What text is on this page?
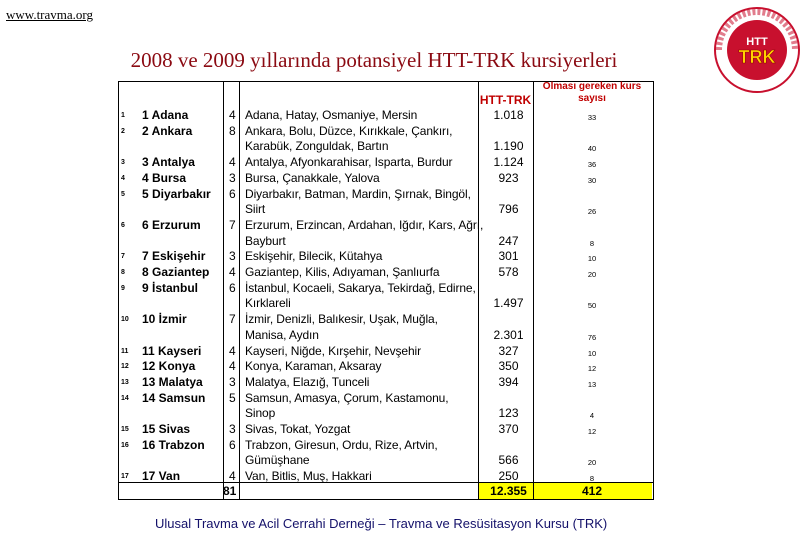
www.travma.org
2008 ve 2009 yıllarında potansiyel HTT-TRK kursiyerleri
HTT
TRK
HTT-TRK
Olması gereken kurs sayısı
1 1 Adana	4 Adana, Hatay, Osmaniye, Mersin	1.018	33
2 2 Ankara	8 Ankara, Bolu, Düzce, Kırıkkale, Çankırı,
Karabük, Zonguldak, Bartın	1.190	40
3 3 Antalya	4 Antalya, Afyonkarahisar, Isparta, Burdur	1.124	36
4 4 Bursa	3 Bursa, Çanakkale, Yalova	923	30
5 5 Diyarbakır 6 Diyarbakır, Batman, Mardin, Şırnak, Bingöl,
Siirt	796	26
6 6 Erzurum 7 Erzurum, Erzincan, Ardahan, Iğdır, Kars, Ağrı,
Bayburt	247	8
7 7 Eskişehir 3 Eskişehir, Bilecik, Kütahya	301	10
8 8 Gaziantep 4 Gaziantep, Kilis, Adıyaman, Şanlıurfa	578	20
9 9 İstanbul	6 İstanbul, Kocaeli, Sakarya, Tekirdağ, Edirne,
Kırklareli	1.497	50
10 10 İzmir	7 İzmir, Denizli, Balıkesir, Uşak, Muğla,
Manisa, Aydın	2.301	76
11 11 Kayseri 4 Kayseri, Niğde, Kırşehir, Nevşehir	327	10
12 12 Konya	4 Konya, Karaman, Aksaray	350	12
13 13 Malatya 3 Malatya, Elazığ, Tunceli	394	13
14 14 Samsun 5 Samsun, Amasya, Çorum, Kastamonu,
Sinop	123	4
15 15 Sivas	3 Sivas, Tokat, Yozgat	370	12
16 16 Trabzon 6 Trabzon, Giresun, Ordu, Rize, Artvin,
Gümüşhane	566	20
17 17 Van	4 Van, Bitlis, Muş, Hakkari	250	8
81	12.355	412
Ulusal Travma ve Acil Cerrahi Derneği – Travma ve Resüsitasyon Kursu (TRK)
